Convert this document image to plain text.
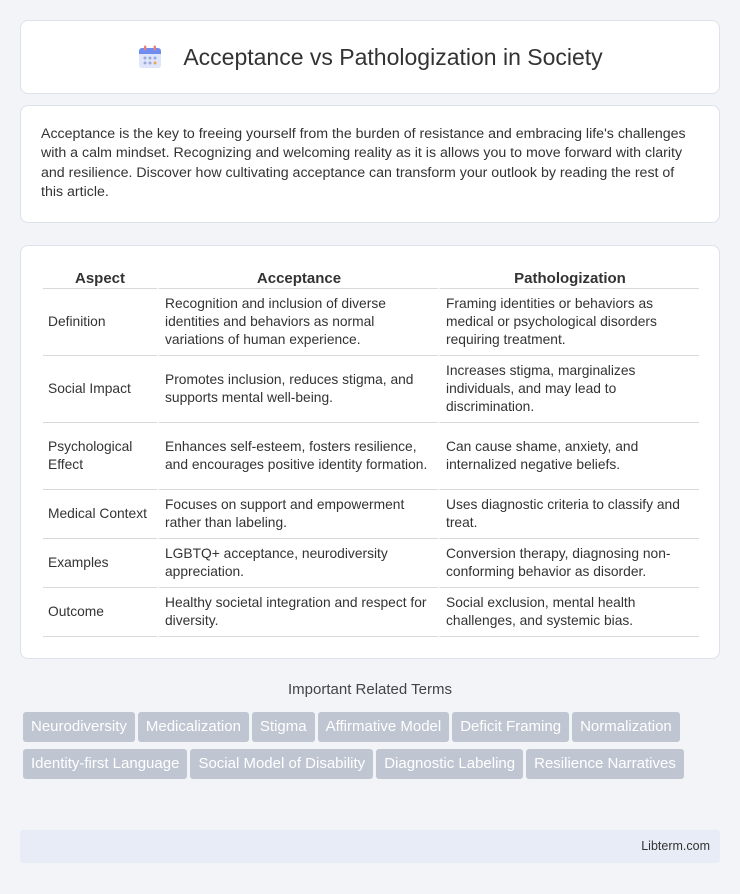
Acceptance vs Pathologization in Society

Acceptance is the key to freeing yourself from the burden of resistance and embracing life's challenges with a calm mindset. Recognizing and welcoming reality as it is allows you to move forward with clarity and resilience. Discover how cultivating acceptance can transform your outlook by reading the rest of this article.

Aspect	Acceptance	Pathologization
Definition	Recognition and inclusion of diverse identities and behaviors as normal variations of human experience.	Framing identities or behaviors as medical or psychological disorders requiring treatment.
Social Impact	Promotes inclusion, reduces stigma, and supports mental well-being.	Increases stigma, marginalizes individuals, and may lead to discrimination.
Psychological Effect	Enhances self-esteem, fosters resilience, and encourages positive identity formation.	Can cause shame, anxiety, and internalized negative beliefs.
Medical Context	Focuses on support and empowerment rather than labeling.	Uses diagnostic criteria to classify and treat.
Examples	LGBTQ+ acceptance, neurodiversity appreciation.	Conversion therapy, diagnosing non-conforming behavior as disorder.
Outcome	Healthy societal integration and respect for diversity.	Social exclusion, mental health challenges, and systemic bias.
Important Related Terms
Neurodiversity Medicalization Stigma Affirmative Model Deficit Framing NormalizationIdentity-first Language Social Model of Disability Diagnostic Labeling Resilience Narratives
Libterm.com
